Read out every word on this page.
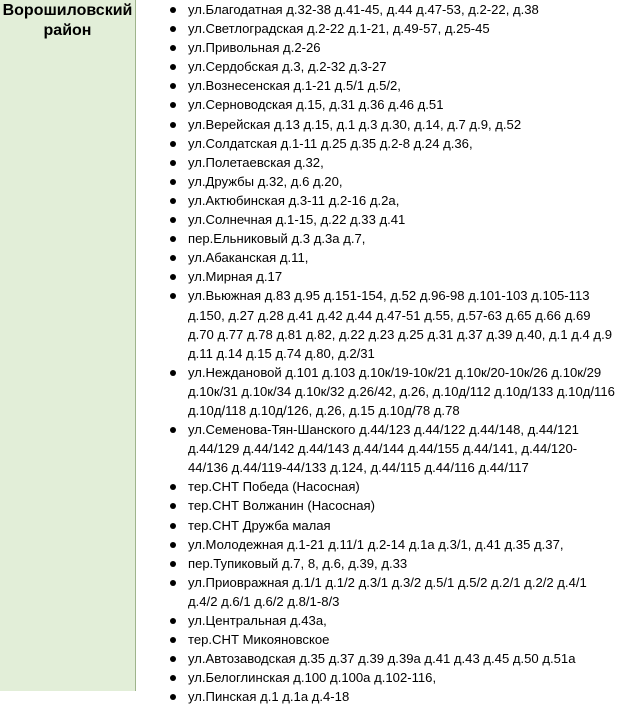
Ворошиловский район
ул.Благодатная д.32-38 д.41-45, д.44 д.47-53, д.2-22, д.38
ул.Светлоградская д.2-22 д.1-21, д.49-57, д.25-45
ул.Привольная д.2-26
ул.Сердобская д.3, д.2-32 д.3-27
ул.Вознесенская д.1-21 д.5/1 д.5/2,
ул.Серноводская д.15, д.31 д.36 д.46 д.51
ул.Верейская д.13 д.15, д.1 д.3 д.30, д.14, д.7 д.9, д.52
ул.Солдатская д.1-11 д.25 д.35 д.2-8 д.24 д.36,
ул.Полетаевская д.32,
ул.Дружбы д.32, д.6 д.20,
ул.Актюбинская д.3-11 д.2-16 д.2а,
ул.Солнечная д.1-15, д.22 д.33 д.41
пер.Ельниковый д.3 д.3а д.7,
ул.Абаканская д.11,
ул.Мирная д.17
ул.Вьюжная д.83 д.95 д.151-154, д.52 д.96-98 д.101-103 д.105-113 д.150, д.27 д.28 д.41 д.42 д.44 д.47-51 д.55, д.57-63 д.65 д.66 д.69 д.70 д.77 д.78 д.81 д.82, д.22 д.23 д.25 д.31 д.37 д.39 д.40, д.1 д.4 д.9 д.11 д.14 д.15 д.74 д.80, д.2/31
ул.Неждановой д.101 д.103 д.10к/19-10к/21 д.10к/20-10к/26 д.10к/29 д.10к/31 д.10к/34 д.10к/32 д.26/42, д.26, д.10д/112 д.10д/133 д.10д/116 д.10д/118 д.10д/126, д.26, д.15 д.10д/78 д.78
ул.Семенова-Тян-Шанского д.44/123 д.44/122 д.44/148, д.44/121 д.44/129 д.44/142 д.44/143 д.44/144 д.44/155 д.44/141, д.44/120-44/136 д.44/119-44/133 д.124, д.44/115 д.44/116 д.44/117
тер.СНТ Победа (Насосная)
тер.СНТ Волжанин (Насосная)
тер.СНТ Дружба малая
ул.Молодежная д.1-21 д.11/1 д.2-14 д.1а д.3/1, д.41 д.35 д.37,
пер.Тупиковый д.7, 8, д.6, д.39, д.33
ул.Приовражная д.1/1 д.1/2 д.3/1 д.3/2 д.5/1 д.5/2 д.2/1 д.2/2 д.4/1 д.4/2 д.6/1 д.6/2 д.8/1-8/3
ул.Центральная д.43а,
тер.СНТ Микояновское
ул.Автозаводская д.35 д.37 д.39 д.39а д.41 д.43 д.45 д.50 д.51а
ул.Белоглинская д.100 д.100а д.102-116,
ул.Пинская д.1 д.1а д.4-18
